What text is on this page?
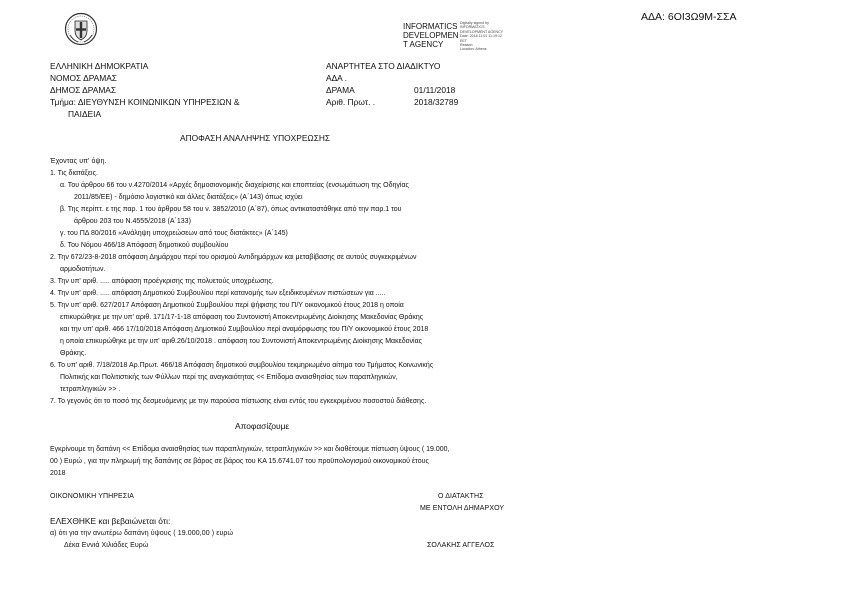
ΑΔΑ: 6ΟΙ3Ω9Μ-ΣΣΑ
INFORMATICS
DEVELOPMEN
T AGENCY
Digitally signed by
INFORMATICS
DEVELOPMENT AGENCY
Date: 2018.11.01 11:19:12
EET
Reason:
Location: Athens
ΕΛΛΗΝΙΚΗ ΔΗΜΟΚΡΑΤΙΑ
ΝΟΜΟΣ ΔΡΑΜΑΣ
ΔΗΜΟΣ ΔΡΑΜΑΣ
Τμήμα: ΔΙΕΥΘΥΝΣΗ ΚΟΙΝΩΝΙΚΩΝ ΥΠΗΡΕΣΙΩΝ &
ΠΑΙΔΕΙΑ
ΑΝΑΡΤΗΤΕΑ ΣΤΟ ΔΙΑΔΙΚΤΥΟ
ΑΔΑ .
ΔΡΑΜΑ	01/11/2018
Αριθ. Πρωτ. .	2018/32789
ΑΠΟΦΑΣΗ ΑΝΑΛΗΨΗΣ ΥΠΟΧΡΕΩΣΗΣ
Έχοντας υπ' όψη.
1. Τις διατάξεις.
α. Του άρθρου 66 του ν.4270/2014 «Αρχές δημοσιονομικής διαχείρισης και εποπτείας (ενσωμάτωση της Οδηγίας
2011/85/ΕΕ) - δημόσιο λογιστικό και άλλες διατάξεις» (Α΄143) όπως ισχύει
β. Της περίπτ. ε της παρ. 1 του άρθρου 58 του ν. 3852/2010 (Α΄87), όπως αντικαταστάθηκε από την παρ.1 του
άρθρου 203 του Ν.4555/2018 (Α΄133)
γ. του ΠΔ 80/2016 «Ανάληψη υποχρεώσεων από τους διατάκτες» (Α΄145)
δ. Του Νόμου 466/18 Απόφαση δημοτικού συμβουλίου
2. Την 672/23-8-2018 απόφαση Δημάρχου περί του ορισμού Αντιδημάρχων και μεταβίβασης σε αυτούς συγκεκριμένων
αρμοδιοτήτων.
3. Την υπ' αριθ. ..... απόφαση προέγκρισης της πολυετούς υποχρέωσης.
4. Την υπ' αριθ. ..... απόφαση Δημοτικού Συμβουλίου περί κατανομής των εξειδικευμένων πιστώσεων για .....
5. Την υπ' αριθ. 627/2017 Απόφαση Δημοτικού Συμβουλίου περί ψήφισης του Π/Υ οικονομικού έτους 2018 η οποία
επικυρώθηκε με την υπ' αριθ. 171/17-1-18 απόφαση του Συντονιστή Αποκεντρωμένης Διοίκησης Μακεδονίας Θράκης
και την υπ' αριθ. 466 17/10/2018 Απόφαση Δημοτικού Συμβουλίου περί αναμόρφωσης του Π/Υ οικονομικού έτους 2018
η οποία επικυρώθηκε με την υπ' αριθ.26/10/2018 . απόφαση του Συντονιστή Αποκεντρωμένης Διοίκησης Μακεδονίας
Θράκης.
6. Το υπ' αριθ. 7/18/2018 Αρ.Πρωτ. 466/18 Απόφαση δημοτικού συμβουλίου τεκμηριωμένο αίτημα του Τμήματος Κοινωνικής
Πολιτικής και Πολιτιστικής των Φύλλων περί της αναγκαιότητας << Επίδομα αναισθησίας των παραπληγικών,
τετραπληγικών >> .
7. Το γεγονός ότι το ποσό της δεσμευόμενης με την παρούσα πίστωσης είναι εντός του εγκεκριμένου ποσοστού διάθεσης.
Αποφασίζουμε
Εγκρίνουμε τη δαπάνη << Επίδομα αναισθησίας των παραπληγικών, τετραπληγικών >> και διαθέτουμε πίστωση ύψους ( 19.000,
00 ) Ευρώ , για την πληρωμή της δαπάνης σε βάρος σε βάρος του ΚΑ 15.6741.07 του προϋπολογισμού οικονομικού έτους
2018
ΟΙΚΟΝΟΜΙΚΗ ΥΠΗΡΕΣΙΑ	Ο ΔΙΑΤΑΚΤΗΣ
ΜΕ ΕΝΤΟΛΗ ΔΗΜΑΡΧΟΥ
ΕΛΕΧΘΗΚΕ και βεβαιώνεται ότι:
α) ότι για την ανωτέρω δαπάνη ύψους ( 19.000,00 ) ευρώ
Δέκα Εννιά Χιλιάδες Ευρώ	ΣΟΛΑΚΗΣ ΑΓΓΕΛΟΣ
